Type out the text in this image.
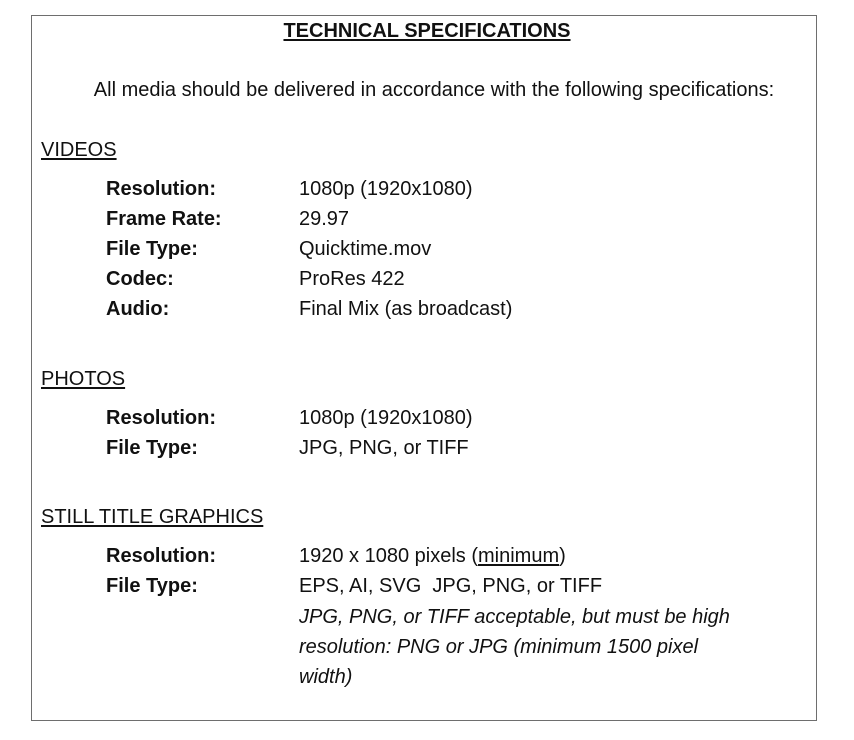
TECHNICAL SPECIFICATIONS
All media should be delivered in accordance with the following specifications:
VIDEOS
Resolution:	1080p (1920x1080)
Frame Rate:	29.97
File Type:	Quicktime.mov
Codec:	ProRes 422
Audio:	Final Mix (as broadcast)
PHOTOS
Resolution:	1080p (1920x1080)
File Type:	JPG, PNG, or TIFF
STILL TITLE GRAPHICS
Resolution:	1920 x 1080 pixels (minimum)
File Type:	EPS, AI, SVG  JPG, PNG, or TIFF
JPG, PNG, or TIFF acceptable, but must be high resolution: PNG or JPG (minimum 1500 pixel width)
